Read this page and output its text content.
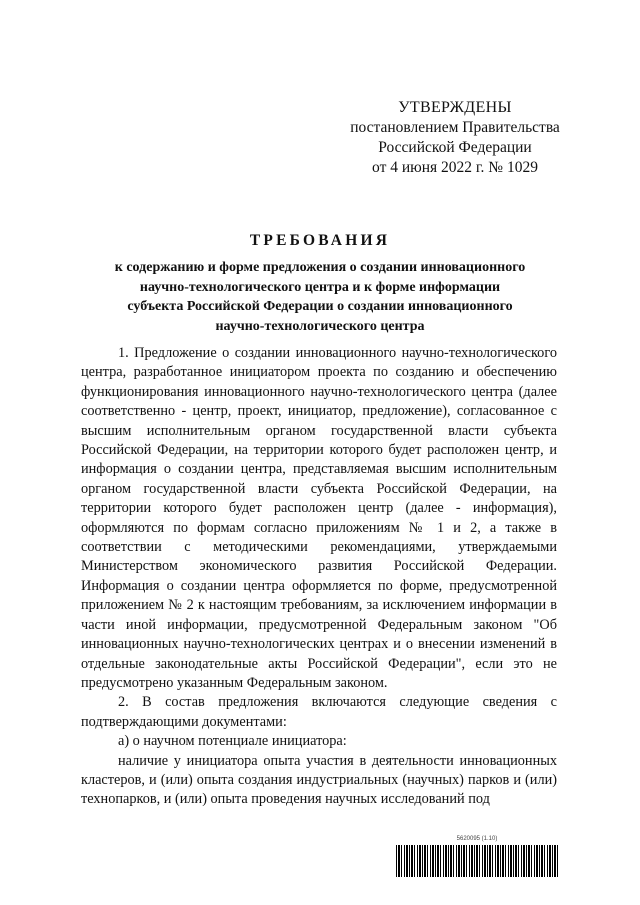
УТВЕРЖДЕНЫ
постановлением Правительства
Российской Федерации
от 4 июня 2022 г. № 1029
ТРЕБОВАНИЯ
к содержанию и форме предложения о создании инновационного
научно-технологического центра и к форме информации
субъекта Российской Федерации о создании инновационного
научно-технологического центра

1. Предложение о создании инновационного научно-технологического центра, разработанное инициатором проекта по созданию и обеспечению функционирования инновационного научно-технологического центра (далее соответственно - центр, проект, инициатор, предложение), согласованное с высшим исполнительным органом государственной власти субъекта Российской Федерации, на территории которого будет расположен центр, и информация о создании центра, представляемая высшим исполнительным органом государственной власти субъекта Российской Федерации, на территории которого будет расположен центр (далее - информация), оформляются по формам согласно приложениям № 1 и 2, а также в соответствии с методическими рекомендациями, утверждаемыми Министерством экономического развития Российской Федерации. Информация о создании центра оформляется по форме, предусмотренной приложением № 2 к настоящим требованиям, за исключением информации в части иной информации, предусмотренной Федеральным законом "Об инновационных научно-технологических центрах и о внесении изменений в отдельные законодательные акты Российской Федерации", если это не предусмотрено указанным Федеральным законом.

2. В состав предложения включаются следующие сведения с подтверждающими документами:

а) о научном потенциале инициатора:

наличие у инициатора опыта участия в деятельности инновационных кластеров, и (или) опыта создания индустриальных (научных) парков и (или) технопарков, и (или) опыта проведения научных исследований под

5620095 (1.10)
